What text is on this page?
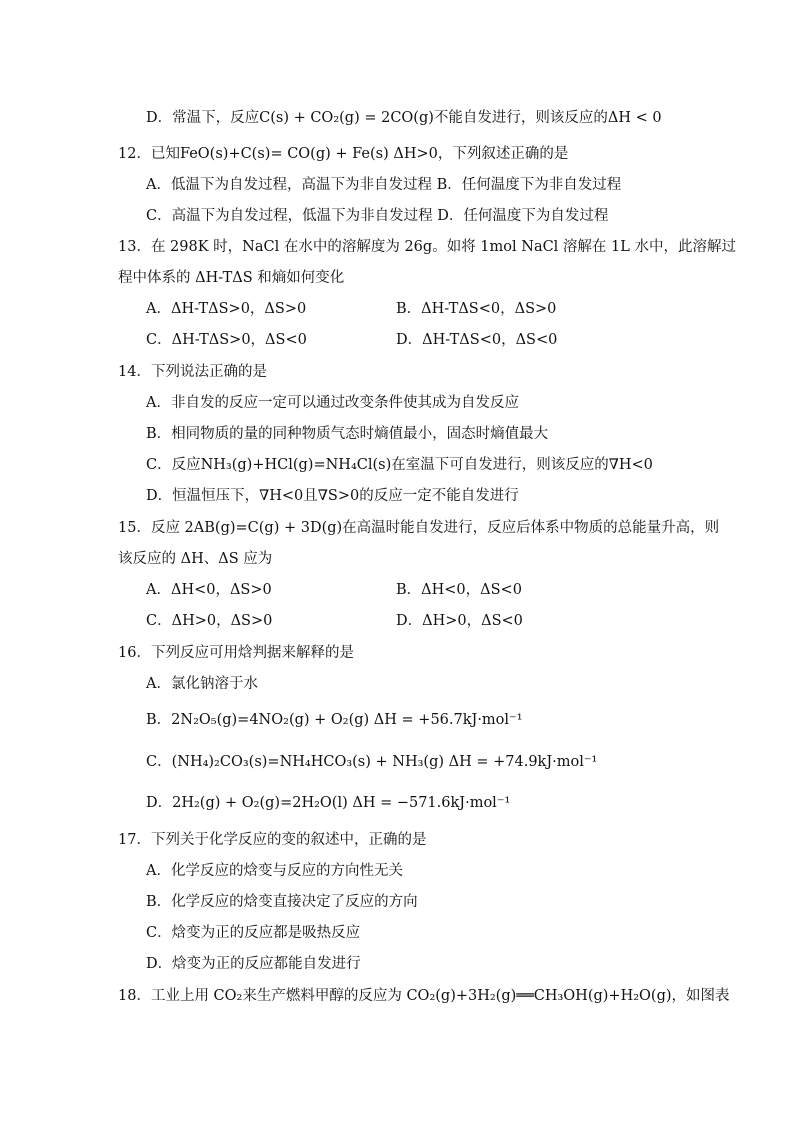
D．常温下，反应C(s) + CO₂(g) = 2CO(g)不能自发进行，则该反应的ΔH < 0
12．已知FeO(s)+C(s)= CO(g) + Fe(s) ΔH>0，下列叙述正确的是
A．低温下为自发过程，高温下为非自发过程 B．任何温度下为非自发过程
C．高温下为自发过程，低温下为非自发过程 D．任何温度下为自发过程
13．在 298K 时，NaCl 在水中的溶解度为 26g。如将 1mol NaCl 溶解在 1L 水中，此溶解过
程中体系的 ΔH-TΔS 和熵如何变化
A．ΔH-TΔS>0，ΔS>0	B．ΔH-TΔS<0，ΔS>0
C．ΔH-TΔS>0，ΔS<0	D．ΔH-TΔS<0，ΔS<0
14．下列说法正确的是
A．非自发的反应一定可以通过改变条件使其成为自发反应
B．相同物质的量的同种物质气态时熵值最小，固态时熵值最大
C．反应NH₃(g)+HCl(g)=NH₄Cl(s)在室温下可自发进行，则该反应的∇H<0
D．恒温恒压下，∇H<0且∇S>0的反应一定不能自发进行
15．反应 2AB(g)=C(g) + 3D(g)在高温时能自发进行，反应后体系中物质的总能量升高，则
该反应的 ΔH、ΔS 应为
A．ΔH<0，ΔS>0	B．ΔH<0，ΔS<0
C．ΔH>0，ΔS>0	D．ΔH>0，ΔS<0
16．下列反应可用焓判据来解释的是
A．氯化钠溶于水
B．2N₂O₅(g)=4NO₂(g) + O₂(g) ΔH = +56.7kJ·mol⁻¹
C．(NH₄)₂CO₃(s)=NH₄HCO₃(s) + NH₃(g) ΔH = +74.9kJ·mol⁻¹
D．2H₂(g) + O₂(g)=2H₂O(l) ΔH = −571.6kJ·mol⁻¹
17．下列关于化学反应的变的叙述中，正确的是
A．化学反应的焓变与反应的方向性无关
B．化学反应的焓变直接决定了反应的方向
C．焓变为正的反应都是吸热反应
D．焓变为正的反应都能自发进行
18．工业上用 CO₂来生产燃料甲醇的反应为 CO₂(g)+3H₂(g)══CH₃OH(g)+H₂O(g)，如图表
